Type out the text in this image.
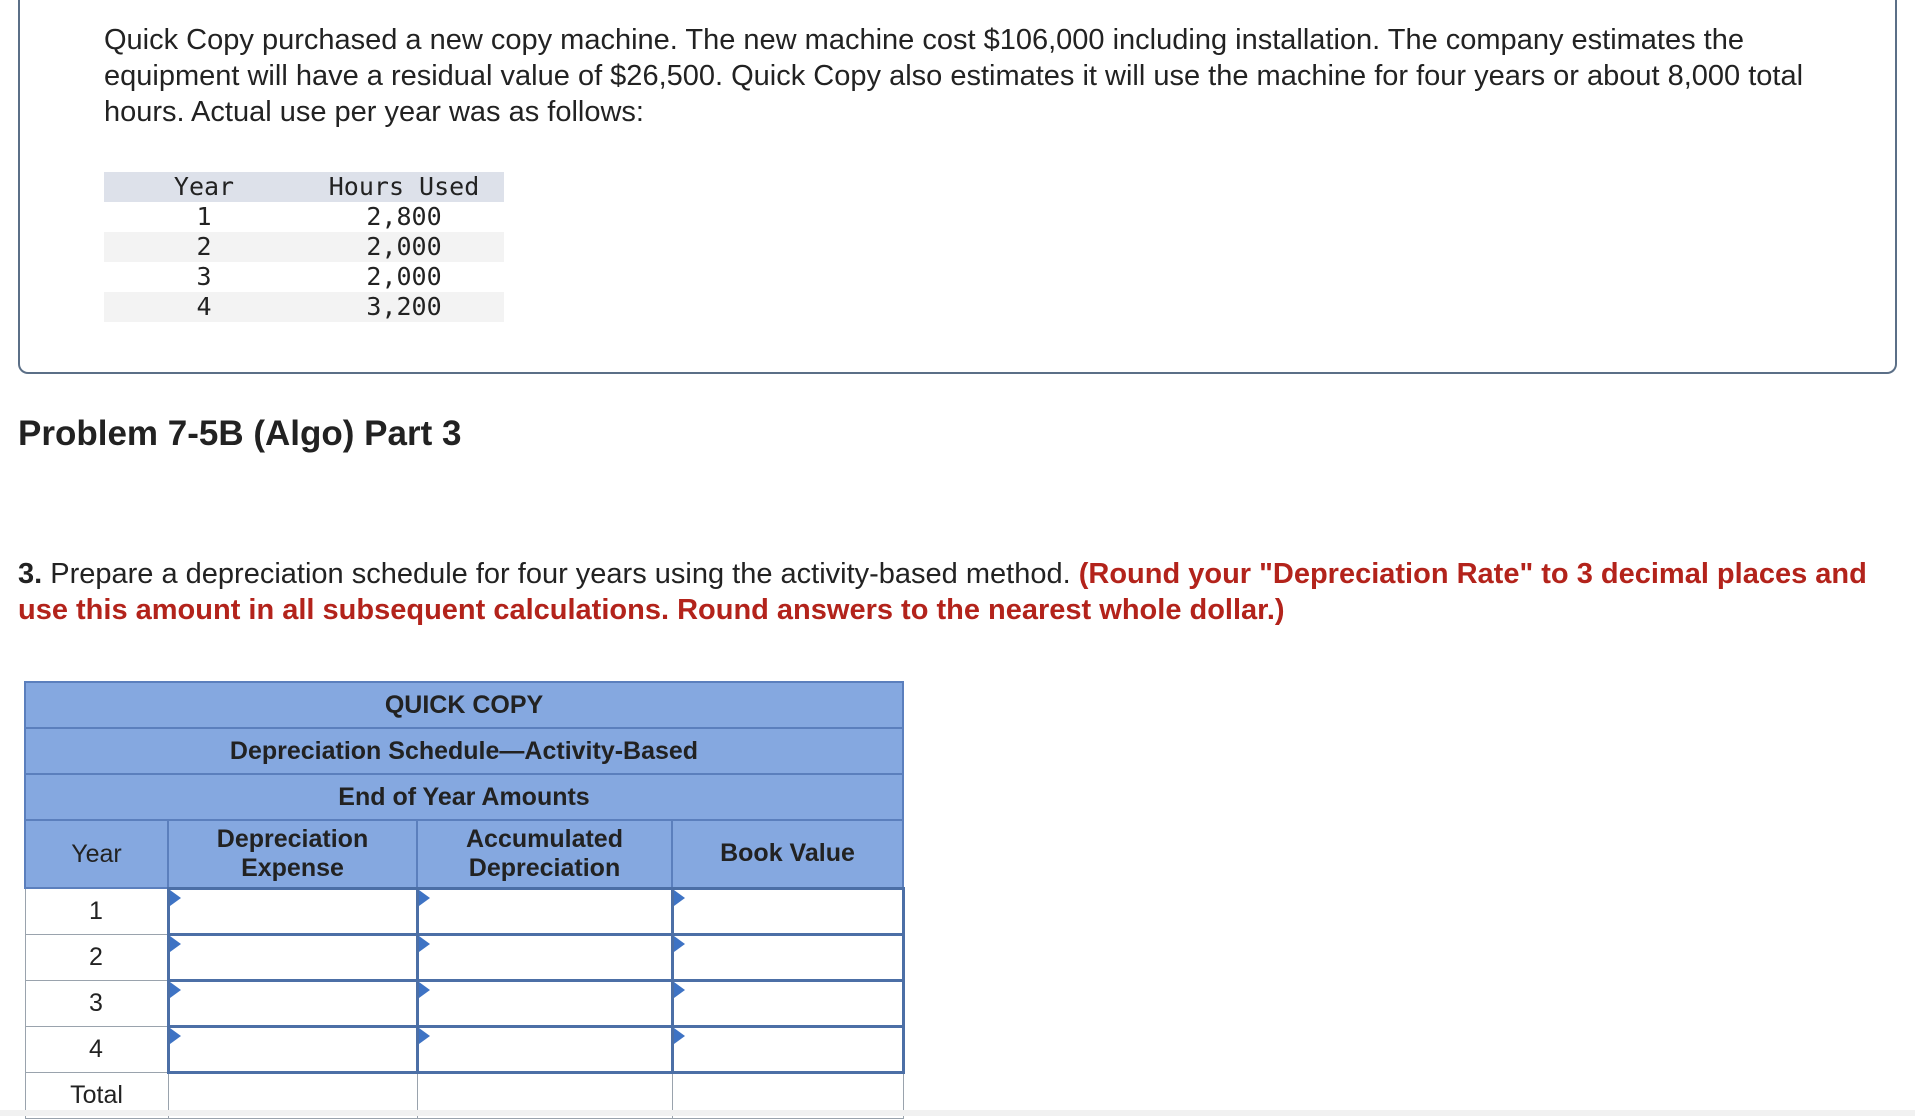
Quick Copy purchased a new copy machine. The new machine cost $106,000 including installation. The company estimates the equipment will have a residual value of $26,500. Quick Copy also estimates it will use the machine for four years or about 8,000 total hours. Actual use per year was as follows:
Year	Hours Used
1	2,800
2	2,000
3	2,000
4	3,200
Problem 7-5B (Algo) Part 3
3. Prepare a depreciation schedule for four years using the activity-based method. (Round your "Depreciation Rate" to 3 decimal places and use this amount in all subsequent calculations. Round answers to the nearest whole dollar.)
QUICK COPY			
Depreciation Schedule—Activity-Based			
End of Year Amounts			
Year	Depreciation Expense	Accumulated Depreciation	Book Value
1	

2	

3	

4	

Total			
